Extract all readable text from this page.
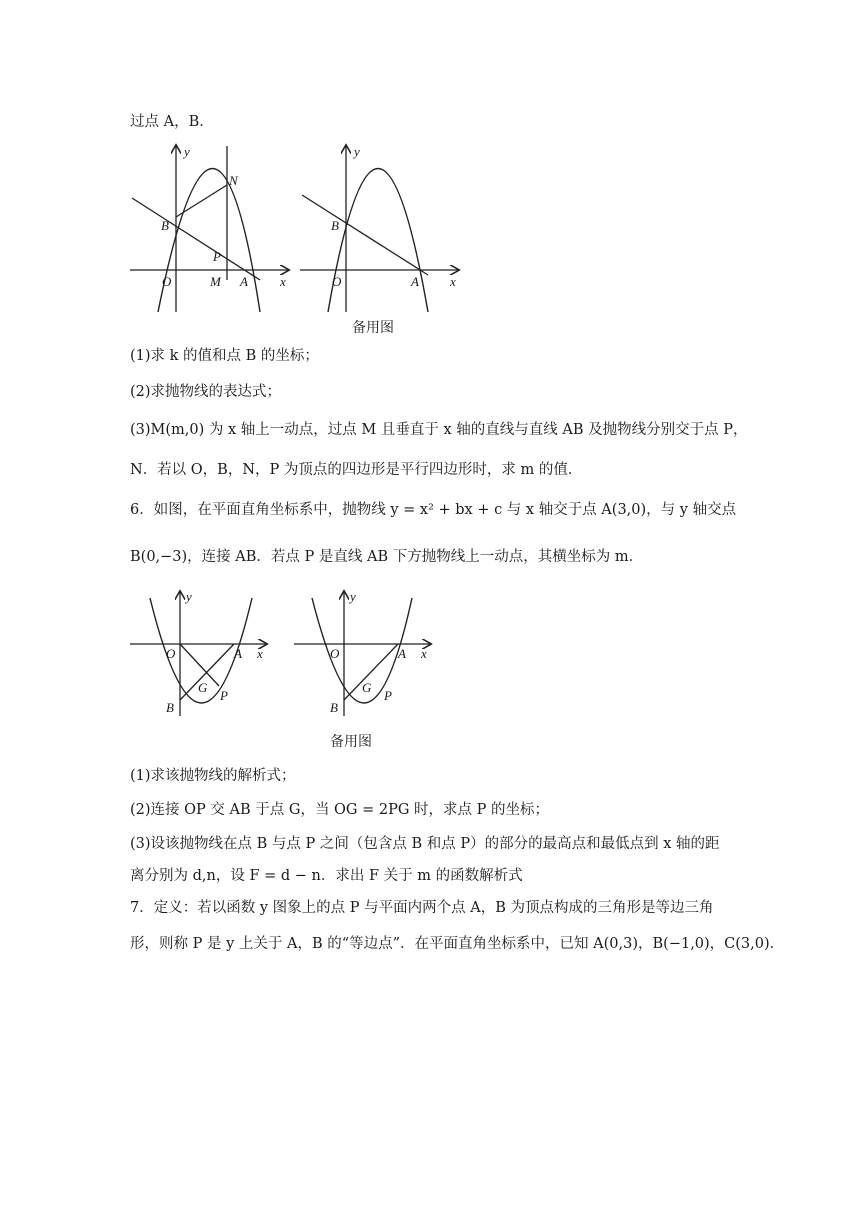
过点 A，B．
y
x
O	M A
B
N
P
y
x
O	A
B
备用图
(1)求 k 的值和点 B 的坐标；
(2)求抛物线的表达式；
(3)M(m,0) 为 x 轴上一动点，过点 M 且垂直于 x 轴的直线与直线 AB 及抛物线分别交于点 P，
N．若以 O，B，N，P 为顶点的四边形是平行四边形时，求 m 的值．
6．如图，在平面直角坐标系中，抛物线 y = x² + bx + c 与 x 轴交于点 A(3,0)，与 y 轴交点
B(0,−3)，连接 AB．若点 P 是直线 AB 下方抛物线上一动点，其横坐标为 m．
y
x
O	A
B
G
P
y
x
O	A
B
G
P
备用图
(1)求该抛物线的解析式；
(2)连接 OP 交 AB 于点 G，当 OG = 2PG 时，求点 P 的坐标；
(3)设该抛物线在点 B 与点 P 之间（包含点 B 和点 P）的部分的最高点和最低点到 x 轴的距
离分别为 d,n，设 F = d − n．求出 F 关于 m 的函数解析式
7．定义：若以函数 y 图象上的点 P 与平面内两个点 A，B 为顶点构成的三角形是等边三角
形，则称 P 是 y 上关于 A，B 的“等边点”．在平面直角坐标系中，已知 A(0,3)，B(−1,0)，C(3,0)．
